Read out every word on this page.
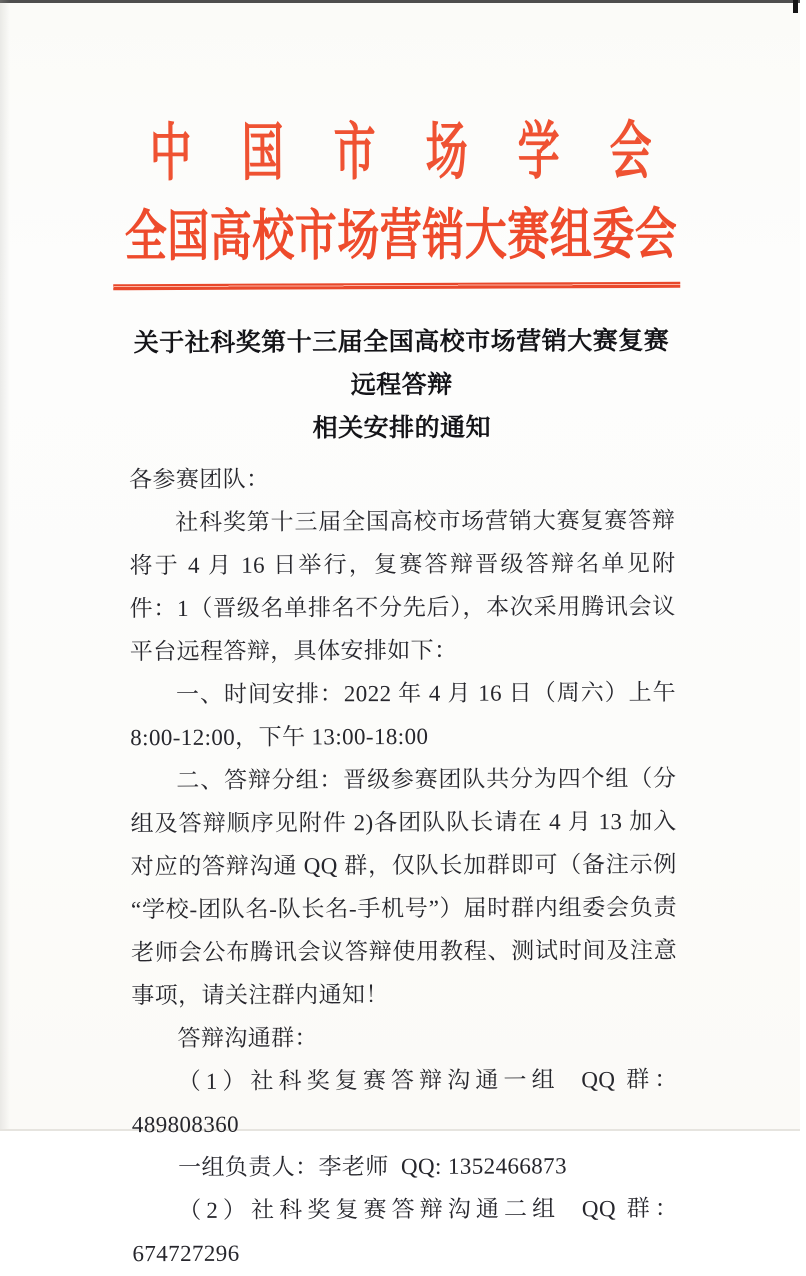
中国市场学会
全国高校市场营销大赛组委会
关于社科奖第十三届全国高校市场营销大赛复赛远程答辩
相关安排的通知

各参赛团队：

社科奖第十三届全国高校市场营销大赛复赛答辩将于 4 月 16 日举行，复赛答辩晋级答辩名单见附件：1（晋级名单排名不分先后），本次采用腾讯会议平台远程答辩，具体安排如下：

一、时间安排：2022 年 4 月 16 日（周六）上午 8:00-12:00，下午 13:00-18:00

二、答辩分组：晋级参赛团队共分为四个组（分组及答辩顺序见附件 2)各团队队长请在 4 月 13 加入对应的答辩沟通 QQ 群，仅队长加群即可（备注示例“学校-团队名-队长名-手机号”）届时群内组委会负责老师会公布腾讯会议答辩使用教程、测试时间及注意事项，请关注群内通知！

答辩沟通群：

（1）社科奖复赛答辩沟通一组  QQ 群：489808360

一组负责人：李老师  QQ: 1352466873

（2）社科奖复赛答辩沟通二组  QQ 群：674727296
